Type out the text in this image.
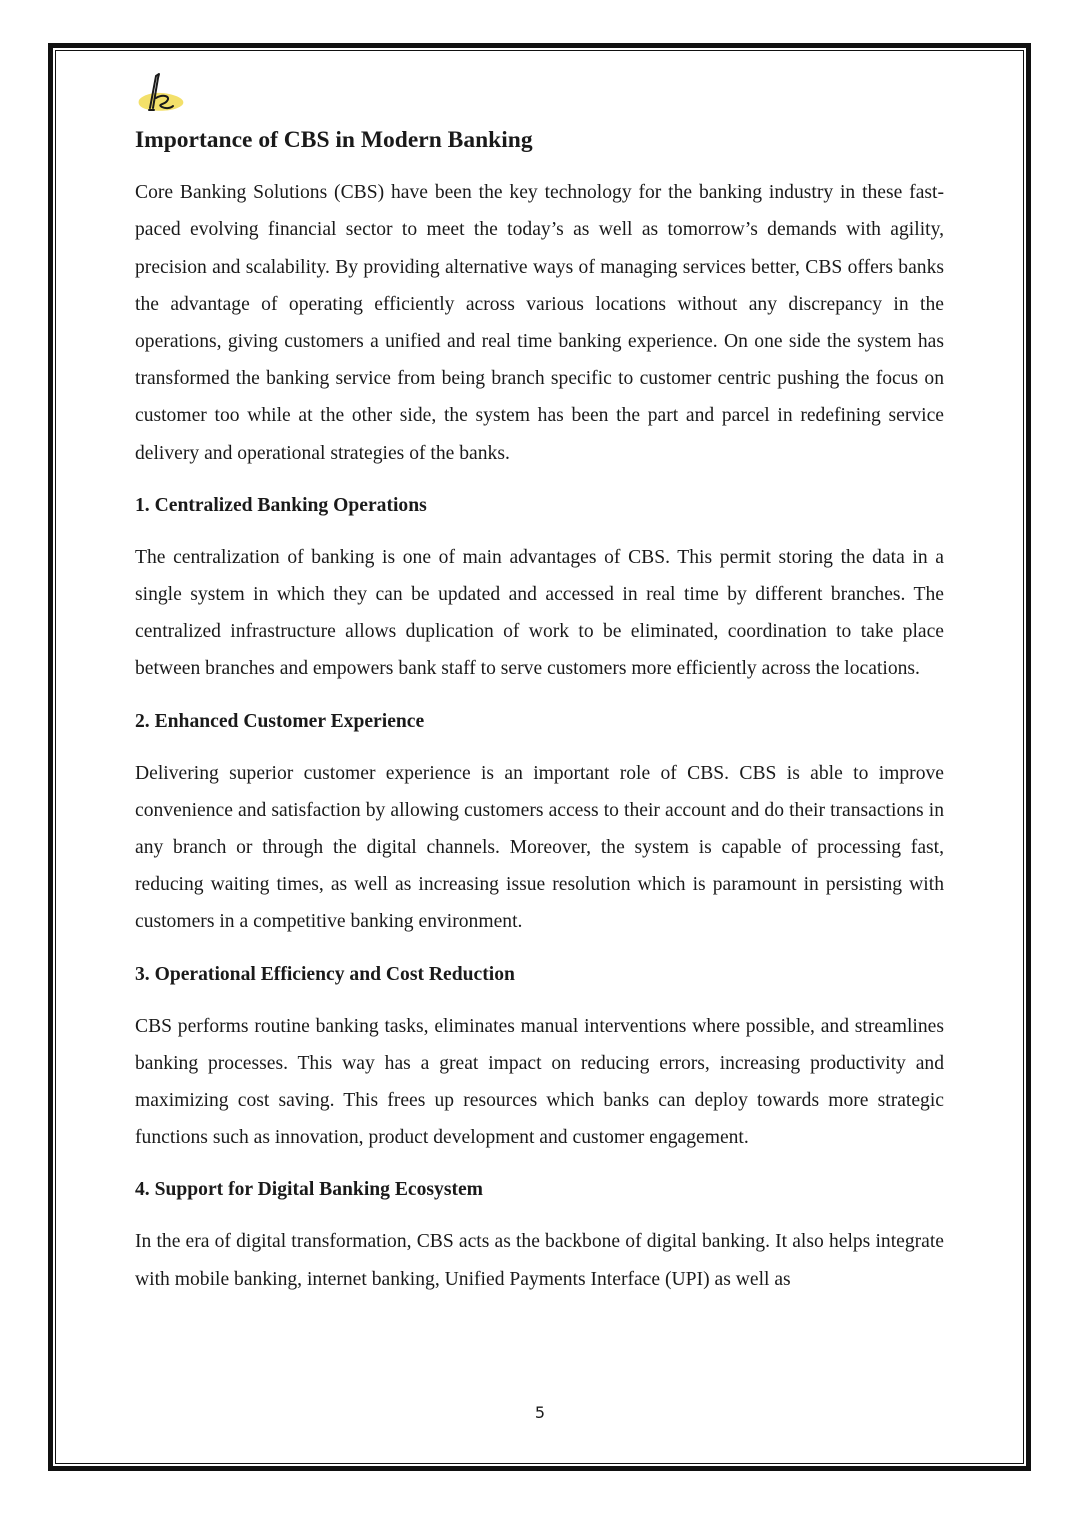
Importance of CBS in Modern Banking

Core Banking Solutions (CBS) have been the key technology for the banking industry in these fast-paced evolving financial sector to meet the today’s as well as tomorrow’s demands with agility, precision and scalability. By providing alternative ways of managing services better, CBS offers banks the advantage of operating efficiently across various locations without any discrepancy in the operations, giving customers a unified and real time banking experience. On one side the system has transformed the banking service from being branch specific to customer centric pushing the focus on customer too while at the other side, the system has been the part and parcel in redefining service delivery and operational strategies of the banks.

1. Centralized Banking Operations

The centralization of banking is one of main advantages of CBS. This permit storing the data in a single system in which they can be updated and accessed in real time by different branches. The centralized infrastructure allows duplication of work to be eliminated, coordination to take place between branches and empowers bank staff to serve customers more efficiently across the locations.

2. Enhanced Customer Experience

Delivering superior customer experience is an important role of CBS. CBS is able to improve convenience and satisfaction by allowing customers access to their account and do their transactions in any branch or through the digital channels. Moreover, the system is capable of processing fast, reducing waiting times, as well as increasing issue resolution which is paramount in persisting with customers in a competitive banking environment.

3. Operational Efficiency and Cost Reduction

CBS performs routine banking tasks, eliminates manual interventions where possible, and streamlines banking processes. This way has a great impact on reducing errors, increasing productivity and maximizing cost saving. This frees up resources which banks can deploy towards more strategic functions such as innovation, product development and customer engagement.

4. Support for Digital Banking Ecosystem

In the era of digital transformation, CBS acts as the backbone of digital banking. It also helps integrate with mobile banking, internet banking, Unified Payments Interface (UPI) as well as

5
